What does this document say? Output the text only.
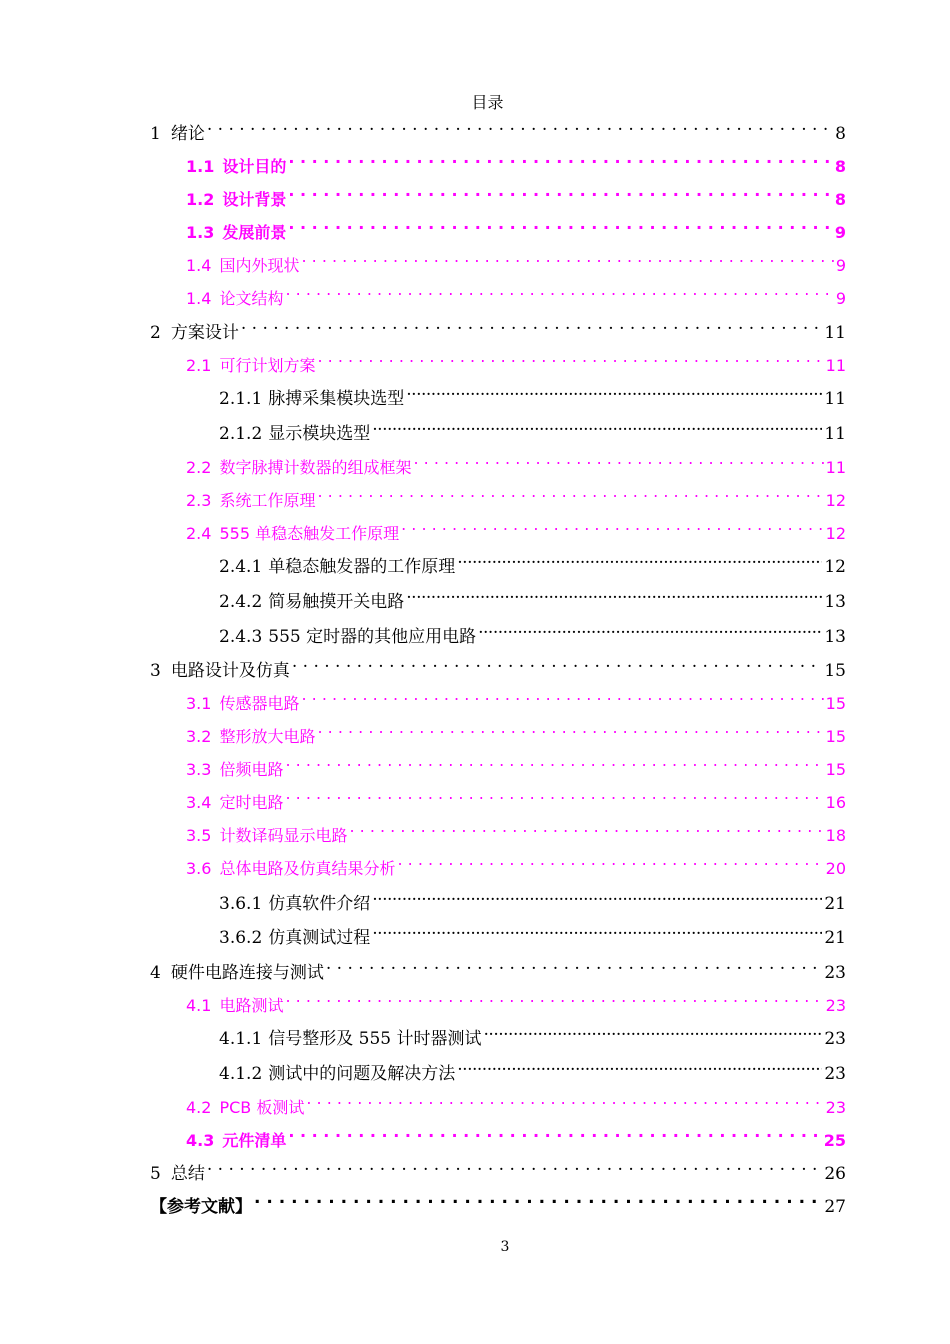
目录
1 绪论 . . .	8
1.1 设计目的 . . .	8
1.2 设计背景 . . .	8
1.3 发展前景 . . .	9
1.4 国内外现状 . . .	9
1.4 论文结构 . . .	9
2 方案设计 . . .	11
2.1 可行计划方案 . . .	11
2.1.1 脉搏采集模块选型 .....	11
2.1.2 显示模块选型 .....	11
2.2 数字脉搏计数器的组成框架 . . .	11
2.3 系统工作原理 . . .	12
2.4 555 单稳态触发工作原理 . . .	12
2.4.1 单稳态触发器的工作原理 .....	12
2.4.2 简易触摸开关电路 .....	13
2.4.3 555 定时器的其他应用电路 .....	13
3 电路设计及仿真 . . .	15
3.1 传感器电路 . . .	15
3.2 整形放大电路 . . .	15
3.3 倍频电路 . . .	15
3.4 定时电路 . . .	16
3.5 计数译码显示电路 . . .	18
3.6 总体电路及仿真结果分析 . . .	20
3.6.1 仿真软件介绍 .....	21
3.6.2 仿真测试过程 .....	21
4 硬件电路连接与测试 . . .	23
4.1 电路测试 . . .	23
4.1.1 信号整形及 555 计时器测试 .....	23
4.1.2 测试中的问题及解决方法 .....	23
4.2 PCB 板测试 . . .	23
4.3 元件清单 . . .	25
5 总结 . . .	26
【参考文献】 . . .	27
3
